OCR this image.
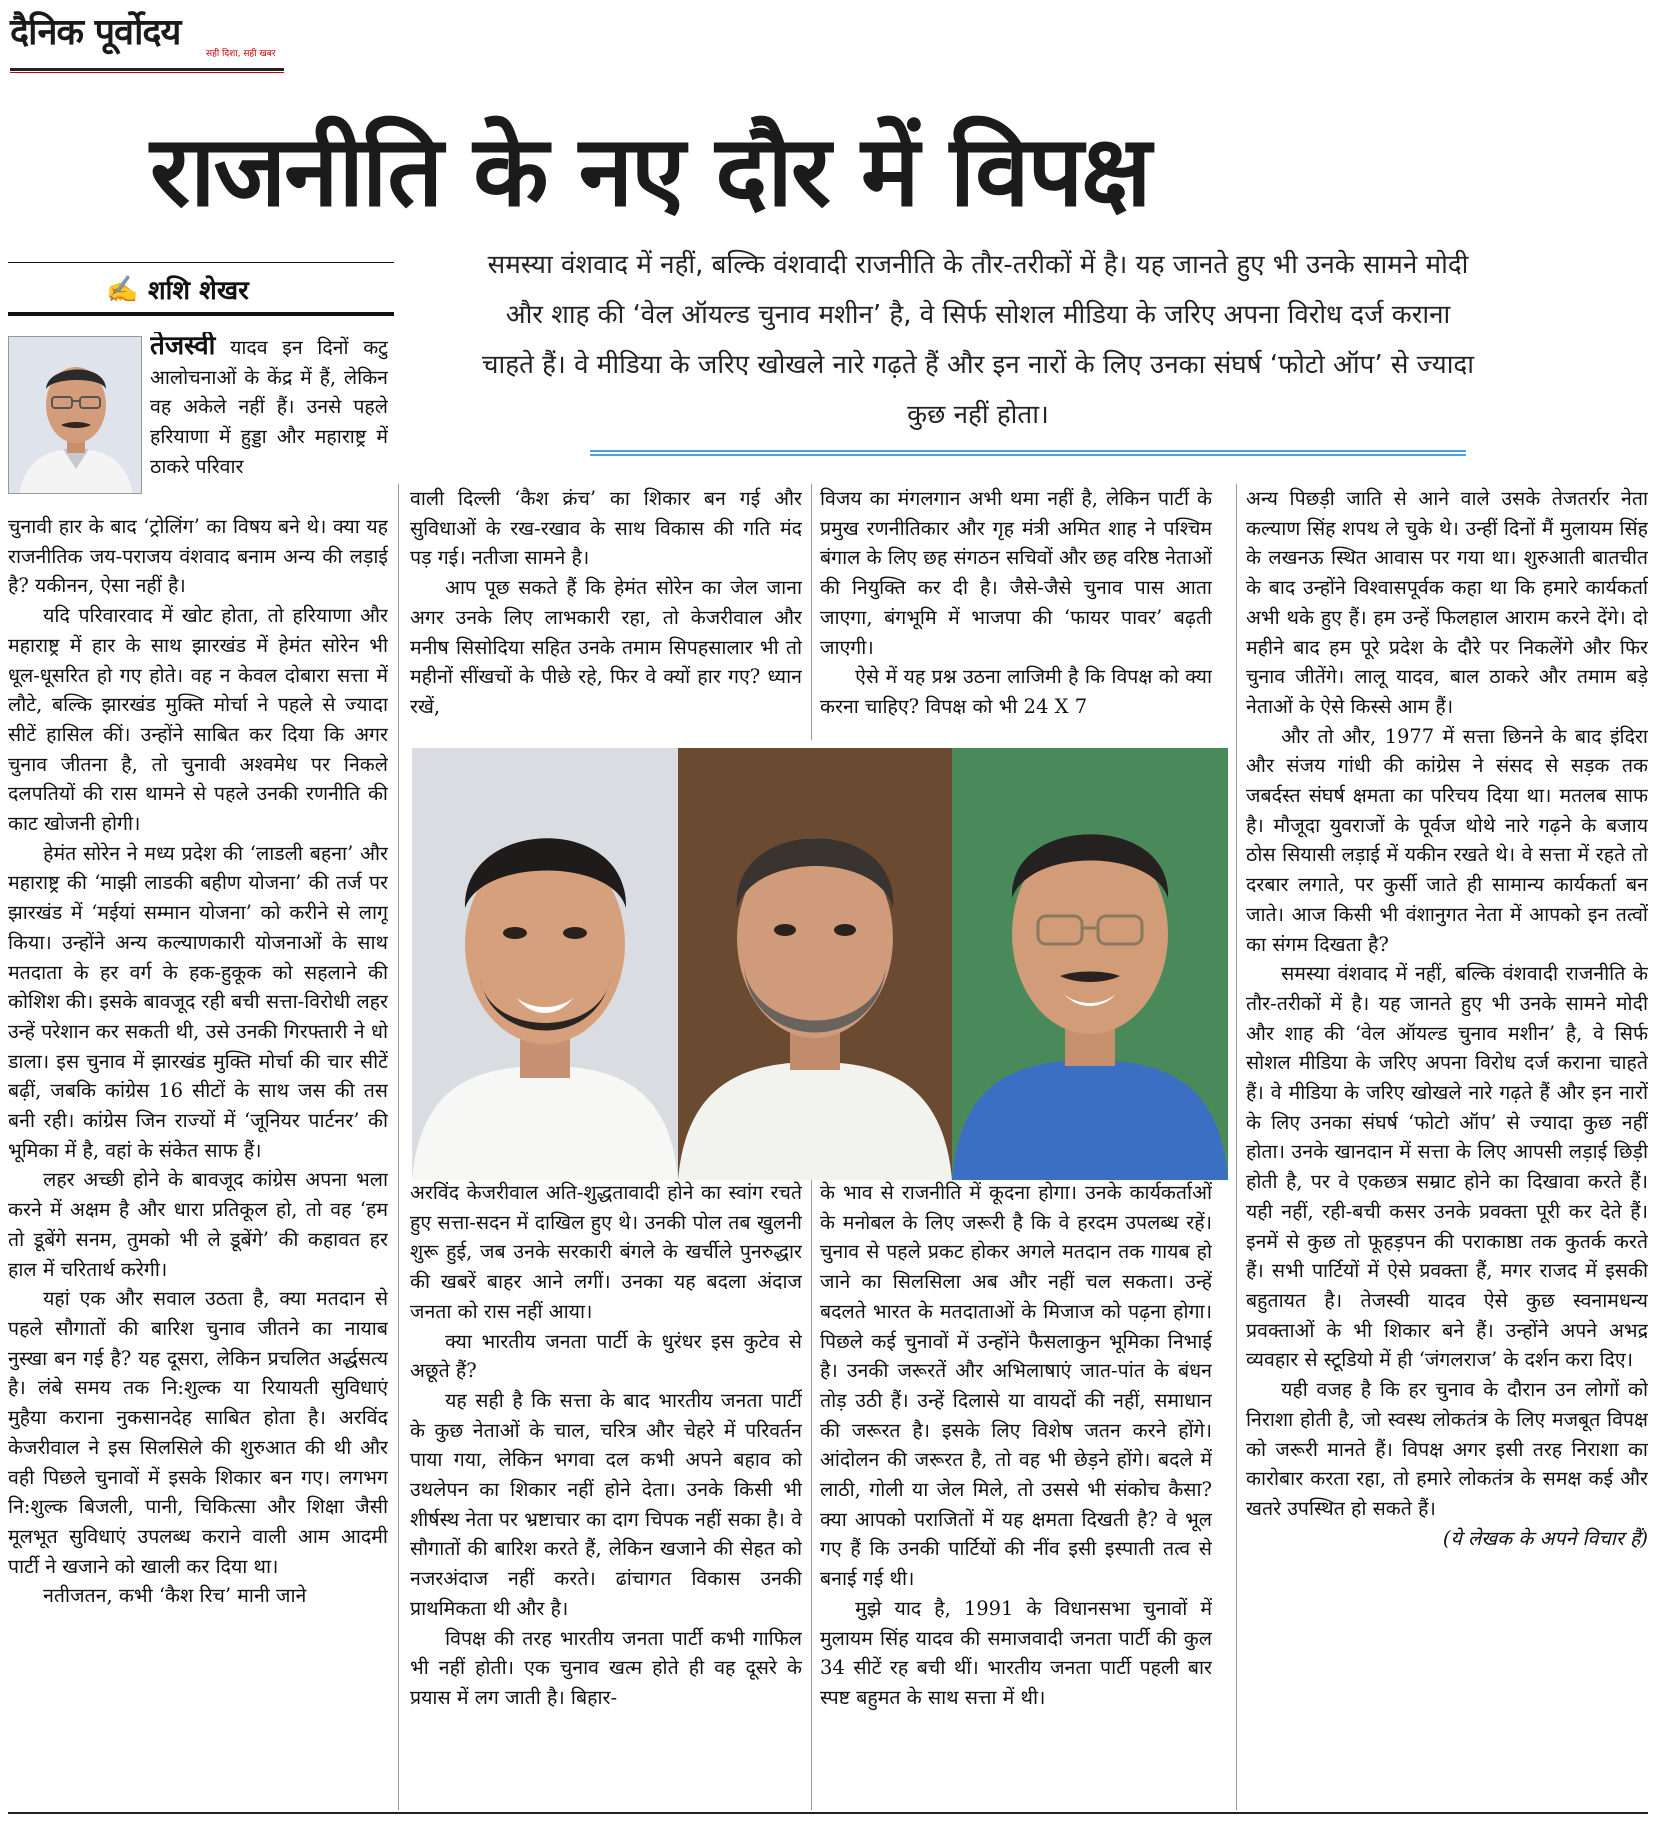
दैनिक पूर्वोदय
सही दिशा, सही खबर
राजनीति के नए दौर में विपक्ष
✍ शशि शेखर
समस्या वंशवाद में नहीं, बल्कि वंशवादी राजनीति के तौर-तरीकों में है। यह जानते हुए भी उनके सामने मोदी और शाह की ‘वेल ऑयल्ड चुनाव मशीन’ है, वे सिर्फ सोशल मीडिया के जरिए अपना विरोध दर्ज कराना चाहते हैं। वे मीडिया के जरिए खोखले नारे गढ़ते हैं और इन नारों के लिए उनका संघर्ष ‘फोटो ऑप’ से ज्यादा कुछ नहीं होता।

तेजस्वी यादव इन दिनों कटु आलोचनाओं के केंद्र में हैं, लेकिन वह अकेले नहीं हैं। उनसे पहले हरियाणा में हुड्डा और महाराष्ट्र में ठाकरे परिवार

चुनावी हार के बाद ‘ट्रोलिंग’ का विषय बने थे। क्या यह राजनीतिक जय-पराजय वंशवाद बनाम अन्य की लड़ाई है? यकीनन, ऐसा नहीं है।

यदि परिवारवाद में खोट होता, तो हरियाणा और महाराष्ट्र में हार के साथ झारखंड में हेमंत सोरेन भी धूल-धूसरित हो गए होते। वह न केवल दोबारा सत्ता में लौटे, बल्कि झारखंड मुक्ति मोर्चा ने पहले से ज्यादा सीटें हासिल कीं। उन्होंने साबित कर दिया कि अगर चुनाव जीतना है, तो चुनावी अश्वमेध पर निकले दलपतियों की रास थामने से पहले उनकी रणनीति की काट खोजनी होगी।

हेमंत सोरेन ने मध्य प्रदेश की ‘लाडली बहना’ और महाराष्ट्र की ‘माझी लाडकी बहीण योजना’ की तर्ज पर झारखंड में ‘मईयां सम्मान योजना’ को करीने से लागू किया। उन्होंने अन्य कल्याणकारी योजनाओं के साथ मतदाता के हर वर्ग के हक-हुकूक को सहलाने की कोशिश की। इसके बावजूद रही बची सत्ता-विरोधी लहर उन्हें परेशान कर सकती थी, उसे उनकी गिरफ्तारी ने धो डाला। इस चुनाव में झारखंड मुक्ति मोर्चा की चार सीटें बढ़ीं, जबकि कांग्रेस 16 सीटों के साथ जस की तस बनी रही। कांग्रेस जिन राज्यों में ‘जूनियर पार्टनर’ की भूमिका में है, वहां के संकेत साफ हैं।

लहर अच्छी होने के बावजूद कांग्रेस अपना भला करने में अक्षम है और धारा प्रतिकूल हो, तो वह ‘हम तो डूबेंगे सनम, तुमको भी ले डूबेंगे’ की कहावत हर हाल में चरितार्थ करेगी।

यहां एक और सवाल उठता है, क्या मतदान से पहले सौगातों की बारिश चुनाव जीतने का नायाब नुस्खा बन गई है? यह दूसरा, लेकिन प्रचलित अर्द्धसत्य है। लंबे समय तक नि:शुल्क या रियायती सुविधाएं मुहैया कराना नुकसानदेह साबित होता है। अरविंद केजरीवाल ने इस सिलसिले की शुरुआत की थी और वही पिछले चुनावों में इसके शिकार बन गए। लगभग नि:शुल्क बिजली, पानी, चिकित्सा और शिक्षा जैसी मूलभूत सुविधाएं उपलब्ध कराने वाली आम आदमी पार्टी ने खजाने को खाली कर दिया था।

नतीजतन, कभी ‘कैश रिच’ मानी जाने

वाली दिल्ली ‘कैश क्रंच’ का शिकार बन गई और सुविधाओं के रख-रखाव के साथ विकास की गति मंद पड़ गई। नतीजा सामने है।

आप पूछ सकते हैं कि हेमंत सोरेन का जेल जाना अगर उनके लिए लाभकारी रहा, तो केजरीवाल और मनीष सिसोदिया सहित उनके तमाम सिपहसालार भी तो महीनों सींखचों के पीछे रहे, फिर वे क्यों हार गए? ध्यान रखें,

अरविंद केजरीवाल अति-शुद्धतावादी होने का स्वांग रचते हुए सत्ता-सदन में दाखिल हुए थे। उनकी पोल तब खुलनी शुरू हुई, जब उनके सरकारी बंगले के खर्चीले पुनरुद्धार की खबरें बाहर आने लगीं। उनका यह बदला अंदाज जनता को रास नहीं आया।

क्या भारतीय जनता पार्टी के धुरंधर इस कुटेव से अछूते हैं?

यह सही है कि सत्ता के बाद भारतीय जनता पार्टी के कुछ नेताओं के चाल, चरित्र और चेहरे में परिवर्तन पाया गया, लेकिन भगवा दल कभी अपने बहाव को उथलेपन का शिकार नहीं होने देता। उनके किसी भी शीर्षस्थ नेता पर भ्रष्टाचार का दाग चिपक नहीं सका है। वे सौगातों की बारिश करते हैं, लेकिन खजाने की सेहत को नजरअंदाज नहीं करते। ढांचागत विकास उनकी प्राथमिकता थी और है।

विपक्ष की तरह भारतीय जनता पार्टी कभी गाफिल भी नहीं होती। एक चुनाव खत्म होते ही वह दूसरे के प्रयास में लग जाती है। बिहार-

विजय का मंगलगान अभी थमा नहीं है, लेकिन पार्टी के प्रमुख रणनीतिकार और गृह मंत्री अमित शाह ने पश्चिम बंगाल के लिए छह संगठन सचिवों और छह वरिष्ठ नेताओं की नियुक्ति कर दी है। जैसे-जैसे चुनाव पास आता जाएगा, बंगभूमि में भाजपा की ‘फायर पावर’ बढ़ती जाएगी।

ऐसे में यह प्रश्न उठना लाजिमी है कि विपक्ष को क्या करना चाहिए? विपक्ष को भी 24 X 7

के भाव से राजनीति में कूदना होगा। उनके कार्यकर्ताओं के मनोबल के लिए जरूरी है कि वे हरदम उपलब्ध रहें। चुनाव से पहले प्रकट होकर अगले मतदान तक गायब हो जाने का सिलसिला अब और नहीं चल सकता। उन्हें बदलते भारत के मतदाताओं के मिजाज को पढ़ना होगा। पिछले कई चुनावों में उन्होंने फैसलाकुन भूमिका निभाई है। उनकी जरूरतें और अभिलाषाएं जात-पांत के बंधन तोड़ उठी हैं। उन्हें दिलासे या वायदों की नहीं, समाधान की जरूरत है। इसके लिए विशेष जतन करने होंगे। आंदोलन की जरूरत है, तो वह भी छेड़ने होंगे। बदले में लाठी, गोली या जेल मिले, तो उससे भी संकोच कैसा? क्या आपको पराजितों में यह क्षमता दिखती है? वे भूल गए हैं कि उनकी पार्टियों की नींव इसी इस्पाती तत्व से बनाई गई थी।

मुझे याद है, 1991 के विधानसभा चुनावों में मुलायम सिंह यादव की समाजवादी जनता पार्टी की कुल 34 सीटें रह बची थीं। भारतीय जनता पार्टी पहली बार स्पष्ट बहुमत के साथ सत्ता में थी।

अन्य पिछड़ी जाति से आने वाले उसके तेजतर्रार नेता कल्याण सिंह शपथ ले चुके थे। उन्हीं दिनों मैं मुलायम सिंह के लखनऊ स्थित आवास पर गया था। शुरुआती बातचीत के बाद उन्होंने विश्वासपूर्वक कहा था कि हमारे कार्यकर्ता अभी थके हुए हैं। हम उन्हें फिलहाल आराम करने देंगे। दो महीने बाद हम पूरे प्रदेश के दौरे पर निकलेंगे और फिर चुनाव जीतेंगे। लालू यादव, बाल ठाकरे और तमाम बड़े नेताओं के ऐसे किस्से आम हैं।

और तो और, 1977 में सत्ता छिनने के बाद इंदिरा और संजय गांधी की कांग्रेस ने संसद से सड़क तक जबर्दस्त संघर्ष क्षमता का परिचय दिया था। मतलब साफ है। मौजूदा युवराजों के पूर्वज थोथे नारे गढ़ने के बजाय ठोस सियासी लड़ाई में यकीन रखते थे। वे सत्ता में रहते तो दरबार लगाते, पर कुर्सी जाते ही सामान्य कार्यकर्ता बन जाते। आज किसी भी वंशानुगत नेता में आपको इन तत्वों का संगम दिखता है?

समस्या वंशवाद में नहीं, बल्कि वंशवादी राजनीति के तौर-तरीकों में है। यह जानते हुए भी उनके सामने मोदी और शाह की ‘वेल ऑयल्ड चुनाव मशीन’ है, वे सिर्फ सोशल मीडिया के जरिए अपना विरोध दर्ज कराना चाहते हैं। वे मीडिया के जरिए खोखले नारे गढ़ते हैं और इन नारों के लिए उनका संघर्ष ‘फोटो ऑप’ से ज्यादा कुछ नहीं होता। उनके खानदान में सत्ता के लिए आपसी लड़ाई छिड़ी होती है, पर वे एकछत्र सम्राट होने का दिखावा करते हैं। यही नहीं, रही-बची कसर उनके प्रवक्ता पूरी कर देते हैं। इनमें से कुछ तो फूहड़पन की पराकाष्ठा तक कुतर्क करते हैं। सभी पार्टियों में ऐसे प्रवक्ता हैं, मगर राजद में इसकी बहुतायत है। तेजस्वी यादव ऐसे कुछ स्वनामधन्य प्रवक्ताओं के भी शिकार बने हैं। उन्होंने अपने अभद्र व्यवहार से स्टूडियो में ही ‘जंगलराज’ के दर्शन करा दिए।

यही वजह है कि हर चुनाव के दौरान उन लोगों को निराशा होती है, जो स्वस्थ लोकतंत्र के लिए मजबूत विपक्ष को जरूरी मानते हैं। विपक्ष अगर इसी तरह निराशा का कारोबार करता रहा, तो हमारे लोकतंत्र के समक्ष कई और खतरे उपस्थित हो सकते हैं।

(ये लेखक के अपने विचार हैं)
